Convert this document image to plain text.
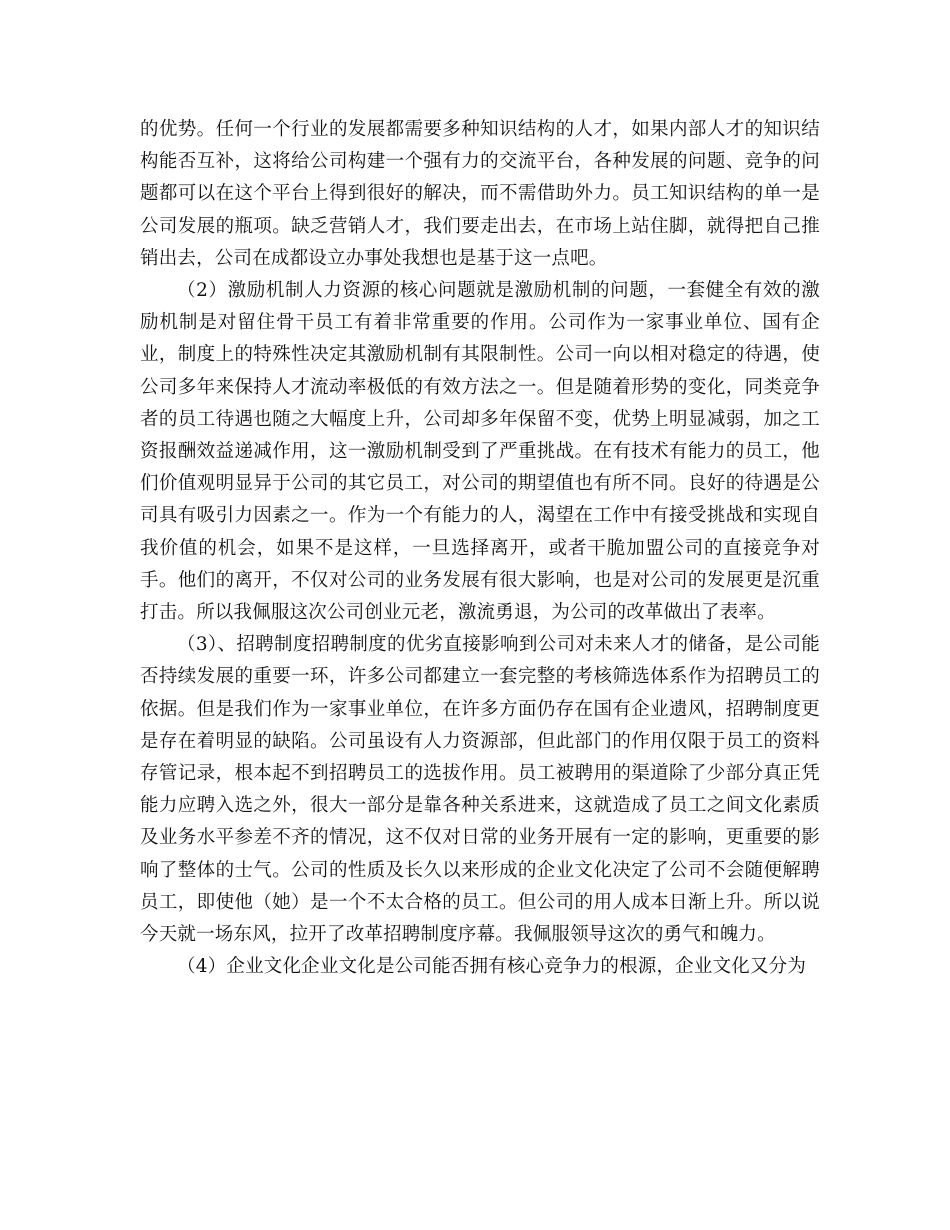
的优势。任何一个行业的发展都需要多种知识结构的人才，如果内部人才的知识结构能否互补，这将给公司构建一个强有力的交流平台，各种发展的问题、竞争的问题都可以在这个平台上得到很好的解决，而不需借助外力。员工知识结构的单一是公司发展的瓶项。缺乏营销人才，我们要走出去，在市场上站住脚，就得把自己推销出去，公司在成都设立办事处我想也是基于这一点吧。

（2）激励机制人力资源的核心问题就是激励机制的问题，一套健全有效的激励机制是对留住骨干员工有着非常重要的作用。公司作为一家事业单位、国有企业，制度上的特殊性决定其激励机制有其限制性。公司一向以相对稳定的待遇，使公司多年来保持人才流动率极低的有效方法之一。但是随着形势的变化，同类竞争者的员工待遇也随之大幅度上升，公司却多年保留不变，优势上明显减弱，加之工资报酬效益递减作用，这一激励机制受到了严重挑战。在有技术有能力的员工，他们价值观明显异于公司的其它员工，对公司的期望值也有所不同。良好的待遇是公司具有吸引力因素之一。作为一个有能力的人，渴望在工作中有接受挑战和实现自我价值的机会，如果不是这样，一旦选择离开，或者干脆加盟公司的直接竞争对手。他们的离开，不仅对公司的业务发展有很大影响，也是对公司的发展更是沉重打击。所以我佩服这次公司创业元老，激流勇退，为公司的改革做出了表率。

（3）、招聘制度招聘制度的优劣直接影响到公司对未来人才的储备，是公司能否持续发展的重要一环，许多公司都建立一套完整的考核筛选体系作为招聘员工的依据。但是我们作为一家事业单位，在许多方面仍存在国有企业遗风，招聘制度更是存在着明显的缺陷。公司虽设有人力资源部，但此部门的作用仅限于员工的资料存管记录，根本起不到招聘员工的选拔作用。员工被聘用的渠道除了少部分真正凭能力应聘入选之外，很大一部分是靠各种关系进来，这就造成了员工之间文化素质及业务水平参差不齐的情况，这不仅对日常的业务开展有一定的影响，更重要的影响了整体的士气。公司的性质及长久以来形成的企业文化决定了公司不会随便解聘员工，即使他（她）是一个不太合格的员工。但公司的用人成本日渐上升。所以说今天就一场东风，拉开了改革招聘制度序幕。我佩服领导这次的勇气和魄力。

（4）企业文化企业文化是公司能否拥有核心竞争力的根源，企业文化又分为
